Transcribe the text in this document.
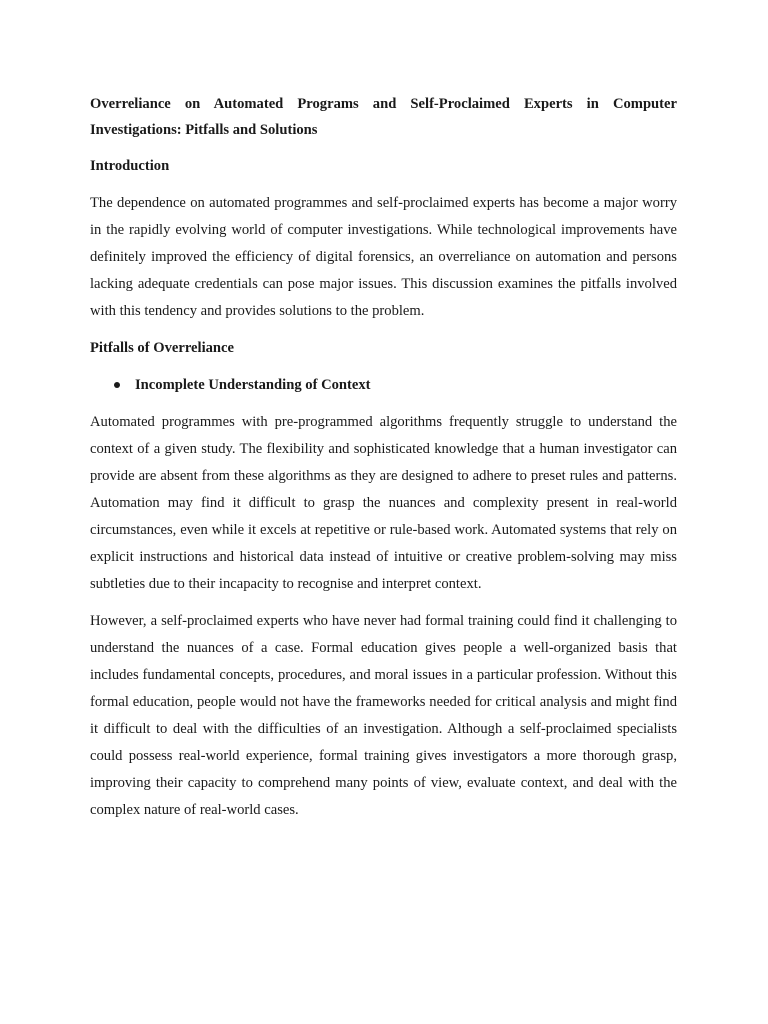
Overreliance on Automated Programs and Self-Proclaimed Experts in Computer Investigations: Pitfalls and Solutions

Introduction

The dependence on automated programmes and self-proclaimed experts has become a major worry in the rapidly evolving world of computer investigations. While technological improvements have definitely improved the efficiency of digital forensics, an overreliance on automation and persons lacking adequate credentials can pose major issues. This discussion examines the pitfalls involved with this tendency and provides solutions to the problem.

Pitfalls of Overreliance

Incomplete Understanding of Context

Automated programmes with pre-programmed algorithms frequently struggle to understand the context of a given study. The flexibility and sophisticated knowledge that a human investigator can provide are absent from these algorithms as they are designed to adhere to preset rules and patterns. Automation may find it difficult to grasp the nuances and complexity present in real-world circumstances, even while it excels at repetitive or rule-based work. Automated systems that rely on explicit instructions and historical data instead of intuitive or creative problem-solving may miss subtleties due to their incapacity to recognise and interpret context.

However, a self-proclaimed experts who have never had formal training could find it challenging to understand the nuances of a case. Formal education gives people a well-organized basis that includes fundamental concepts, procedures, and moral issues in a particular profession. Without this formal education, people would not have the frameworks needed for critical analysis and might find it difficult to deal with the difficulties of an investigation. Although a self-proclaimed specialists could possess real-world experience, formal training gives investigators a more thorough grasp, improving their capacity to comprehend many points of view, evaluate context, and deal with the complex nature of real-world cases.
